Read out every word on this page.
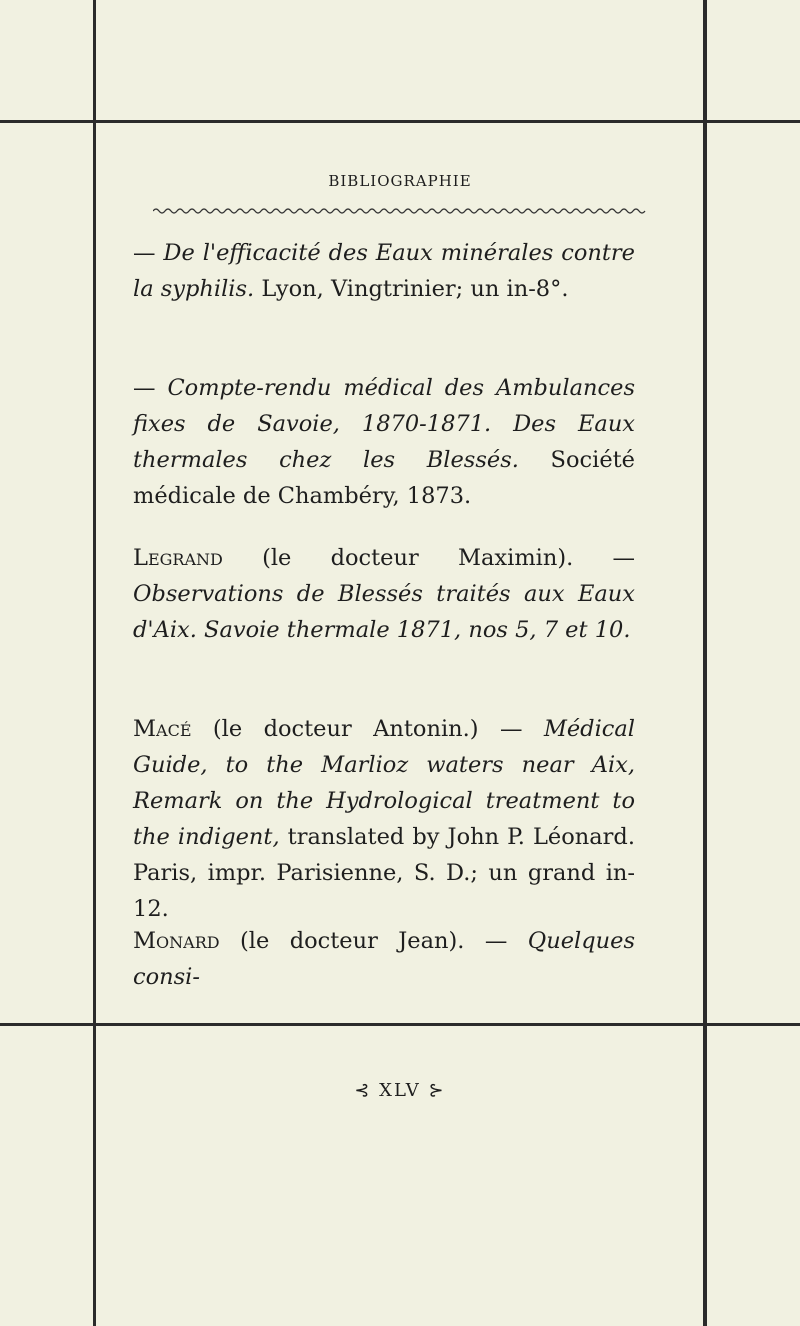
BIBLIOGRAPHIE
— De l'efficacité des Eaux minérales contre la syphilis. Lyon, Vingtrinier; un in-8°.
— Compte-rendu médical des Ambulances fixes de Savoie, 1870-1871. Des Eaux thermales chez les Blessés. Société médicale de Chambéry, 1873.
Legrand (le docteur Maximin). — Observations de Blessés traités aux Eaux d'Aix. Savoie thermale 1871, nos 5, 7 et 10.
Macé (le docteur Antonin.) — Médical Guide, to the Marlioz waters near Aix, Remark on the Hydrological treatment to the indigent, translated by John P. Léonard. Paris, impr. Parisienne, S. D.; un grand in-12.
Monard (le docteur Jean). — Quelques consi-
⊰ XLV ⊱
